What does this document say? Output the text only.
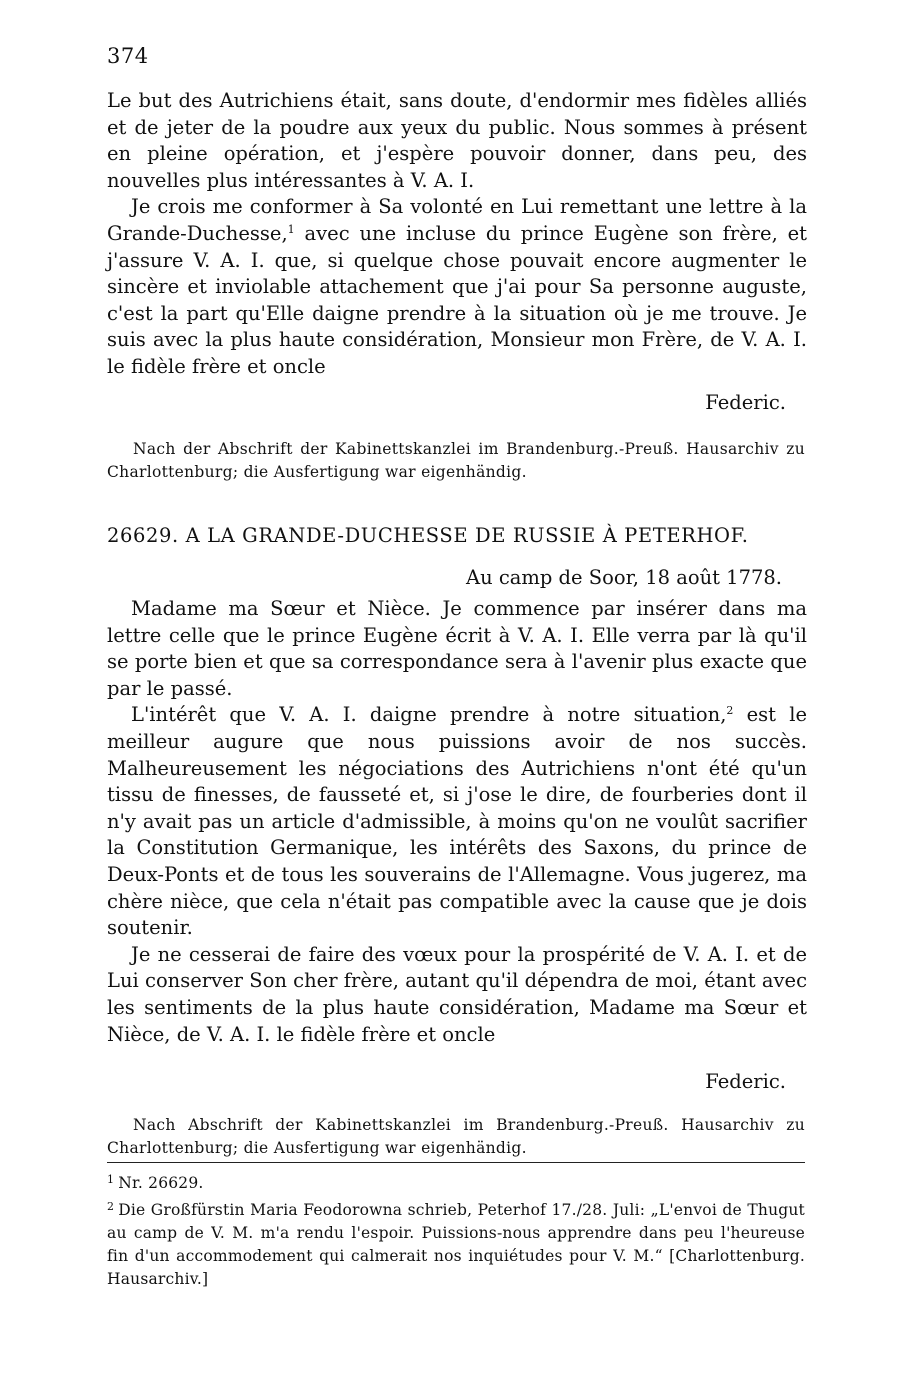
374

Le but des Autrichiens était, sans doute, d'endormir mes fidèles alliés et de jeter de la poudre aux yeux du public. Nous sommes à présent en pleine opération, et j'espère pouvoir donner, dans peu, des nouvelles plus intéressantes à V. A. I.

Je crois me conformer à Sa volonté en Lui remettant une lettre à la Grande-Duchesse,$^1$ avec une incluse du prince Eugène son frère, et j'assure V. A. I. que, si quelque chose pouvait encore augmenter le sincère et inviolable attachement que j'ai pour Sa personne auguste, c'est la part qu'Elle daigne prendre à la situation où je me trouve. Je suis avec la plus haute considération, Monsieur mon Frère, de V. A. I. le fidèle frère et oncle

Federic.
Nach der Abschrift der Kabinettskanzlei im Brandenburg.-Preuß. Hausarchiv zu Charlottenburg; die Ausfertigung war eigenhändig.
26629. A LA GRANDE-DUCHESSE DE RUSSIE À PETERHOF.
Au camp de Soor, 18 août 1778.

Madame ma Sœur et Nièce. Je commence par insérer dans ma lettre celle que le prince Eugène écrit à V. A. I. Elle verra par là qu'il se porte bien et que sa correspondance sera à l'avenir plus exacte que par le passé.

L'intérêt que V. A. I. daigne prendre à notre situation,$^2$ est le meilleur augure que nous puissions avoir de nos succès. Malheureusement les négociations des Autrichiens n'ont été qu'un tissu de finesses, de fausseté et, si j'ose le dire, de fourberies dont il n'y avait pas un article d'admissible, à moins qu'on ne voulût sacrifier la Constitution Germanique, les intérêts des Saxons, du prince de Deux-Ponts et de tous les souverains de l'Allemagne. Vous jugerez, ma chère nièce, que cela n'était pas compatible avec la cause que je dois soutenir.

Je ne cesserai de faire des vœux pour la prospérité de V. A. I. et de Lui conserver Son cher frère, autant qu'il dépendra de moi, étant avec les sentiments de la plus haute considération, Madame ma Sœur et Nièce, de V. A. I. le fidèle frère et oncle

Federic.
Nach Abschrift der Kabinettskanzlei im Brandenburg.-Preuß. Hausarchiv zu Charlottenburg; die Ausfertigung war eigenhändig.

$^1$ Nr. 26629.

$^2$ Die Großfürstin Maria Feodorowna schrieb, Peterhof 17./28. Juli: „L'envoi de Thugut au camp de V. M. m'a rendu l'espoir. Puissions-nous apprendre dans peu l'heureuse fin d'un accommodement qui calmerait nos inquiétudes pour V. M.“ [Charlottenburg. Hausarchiv.]
